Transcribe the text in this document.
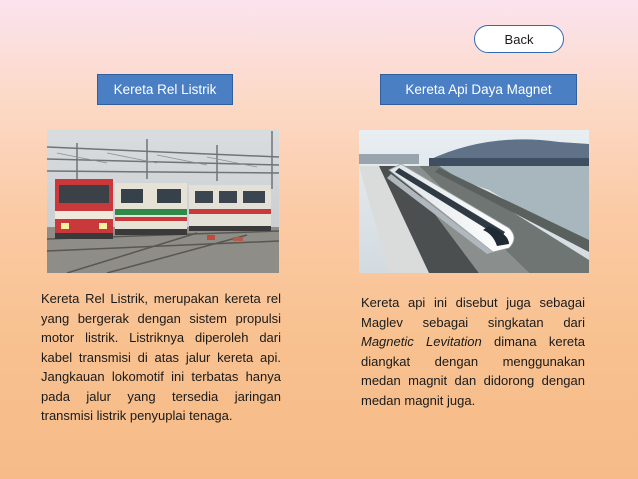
Back
Kereta Rel Listrik	Kereta Api Daya Magnet

Kereta Rel Listrik, merupakan kereta rel yang bergerak dengan sistem propulsi motor listrik. Listriknya diperoleh dari kabel transmisi di atas jalur kereta api. Jangkauan lokomotif ini terbatas hanya pada jalur yang tersedia jaringan transmisi listrik penyuplai tenaga.

Kereta api ini disebut juga sebagai Maglev sebagai singkatan dari Magnetic Levitation dimana kereta diangkat dengan menggunakan medan magnit dan didorong dengan medan magnit juga.
